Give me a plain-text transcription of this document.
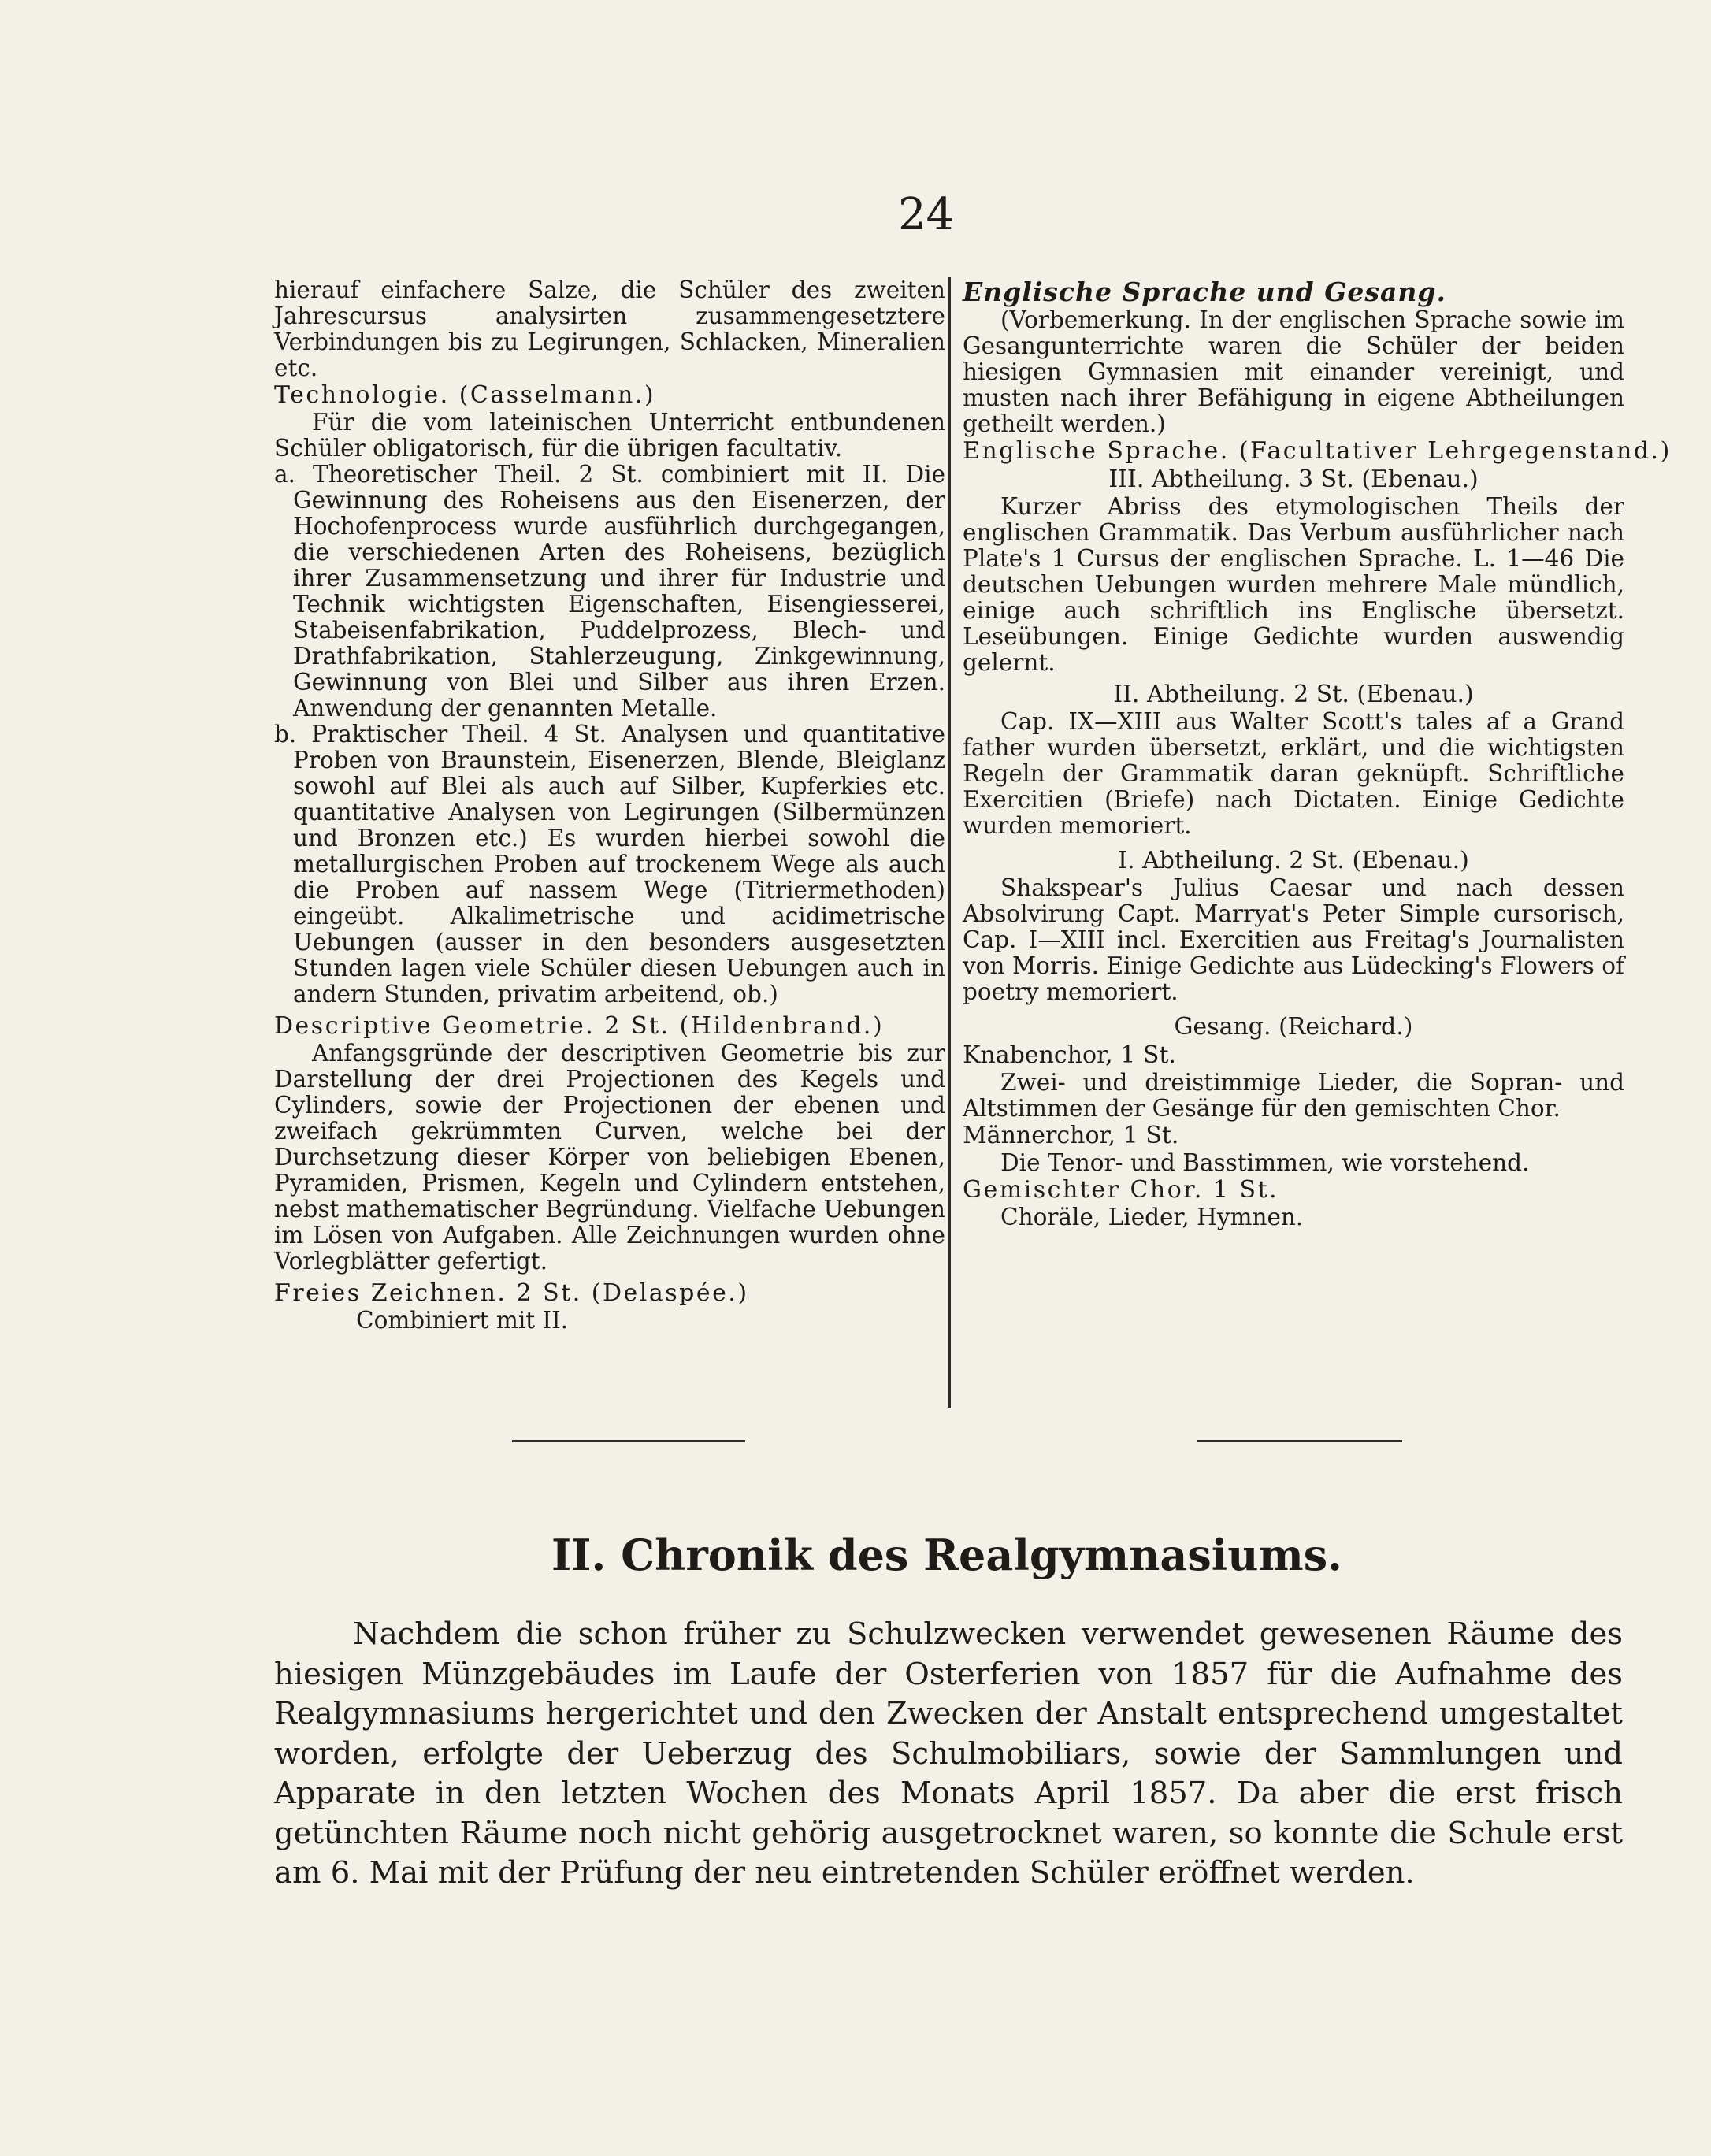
24

hierauf einfachere Salze, die Schüler des zweiten Jahrescursus analysirten zusammengesetztere Verbindungen bis zu Legirungen, Schlacken, Mineralien etc.

Technologie. (Casselmann.)

Für die vom lateinischen Unterricht entbundenen Schüler obligatorisch, für die übrigen facultativ.

a. Theoretischer Theil. 2 St. combiniert mit II. Die Gewinnung des Roheisens aus den Eisenerzen, der Hochofenprocess wurde ausführlich durchgegangen, die verschiedenen Arten des Roheisens, bezüglich ihrer Zusammensetzung und ihrer für Industrie und Technik wichtigsten Eigenschaften, Eisengiesserei, Stabeisenfabrikation, Puddelprozess, Blech- und Drathfabrikation, Stahlerzeugung, Zinkgewinnung, Gewinnung von Blei und Silber aus ihren Erzen. Anwendung der genannten Metalle.

b. Praktischer Theil. 4 St. Analysen und quantitative Proben von Braunstein, Eisenerzen, Blende, Bleiglanz sowohl auf Blei als auch auf Silber, Kupferkies etc. quantitative Analysen von Legirungen (Silbermünzen und Bronzen etc.) Es wurden hierbei sowohl die metallurgischen Proben auf trockenem Wege als auch die Proben auf nassem Wege (Titriermethoden) eingeübt. Alkalimetrische und acidimetrische Uebungen (ausser in den besonders ausgesetzten Stunden lagen viele Schüler diesen Uebungen auch in andern Stunden, privatim arbeitend, ob.)

Descriptive Geometrie. 2 St. (Hildenbrand.)

Anfangsgründe der descriptiven Geometrie bis zur Darstellung der drei Projectionen des Kegels und Cylinders, sowie der Projectionen der ebenen und zweifach gekrümmten Curven, welche bei der Durchsetzung dieser Körper von beliebigen Ebenen, Pyramiden, Prismen, Kegeln und Cylindern entstehen, nebst mathematischer Begründung. Vielfache Uebungen im Lösen von Aufgaben. Alle Zeichnungen wurden ohne Vorlegblätter gefertigt.

Freies Zeichnen. 2 St. (Delaspée.)

Combiniert mit II.

Englische Sprache und Gesang.

(Vorbemerkung. In der englischen Sprache sowie im Gesangunterrichte waren die Schüler der beiden hiesigen Gymnasien mit einander vereinigt, und musten nach ihrer Befähigung in eigene Abtheilungen getheilt werden.)

Englische Sprache. (Facultativer Lehrgegenstand.)

III. Abtheilung. 3 St. (Ebenau.)

Kurzer Abriss des etymologischen Theils der englischen Grammatik. Das Verbum ausführlicher nach Plate's 1 Cursus der englischen Sprache. L. 1—46 Die deutschen Uebungen wurden mehrere Male mündlich, einige auch schriftlich ins Englische übersetzt. Leseübungen. Einige Gedichte wurden auswendig gelernt.

II. Abtheilung. 2 St. (Ebenau.)

Cap. IX—XIII aus Walter Scott's tales af a Grand father wurden übersetzt, erklärt, und die wichtigsten Regeln der Grammatik daran geknüpft. Schriftliche Exercitien (Briefe) nach Dictaten. Einige Gedichte wurden memoriert.

I. Abtheilung. 2 St. (Ebenau.)

Shakspear's Julius Caesar und nach dessen Absolvirung Capt. Marryat's Peter Simple cursorisch, Cap. I—XIII incl. Exercitien aus Freitag's Journalisten von Morris. Einige Gedichte aus Lüdecking's Flowers of poetry memoriert.

Gesang. (Reichard.)

Knabenchor, 1 St.

Zwei- und dreistimmige Lieder, die Sopran- und Altstimmen der Gesänge für den gemischten Chor.

Männerchor, 1 St.

Die Tenor- und Basstimmen, wie vorstehend.

Gemischter Chor. 1 St.

Choräle, Lieder, Hymnen.

II. Chronik des Realgymnasiums.

Nachdem die schon früher zu Schulzwecken verwendet gewesenen Räume des hiesigen Münzgebäudes im Laufe der Osterferien von 1857 für die Aufnahme des Realgymnasiums hergerichtet und den Zwecken der Anstalt entsprechend umgestaltet worden, erfolgte der Ueberzug des Schulmobiliars, sowie der Sammlungen und Apparate in den letzten Wochen des Monats April 1857. Da aber die erst frisch getünchten Räume noch nicht gehörig ausgetrocknet waren, so konnte die Schule erst am 6. Mai mit der Prüfung der neu eintretenden Schüler eröffnet werden.
